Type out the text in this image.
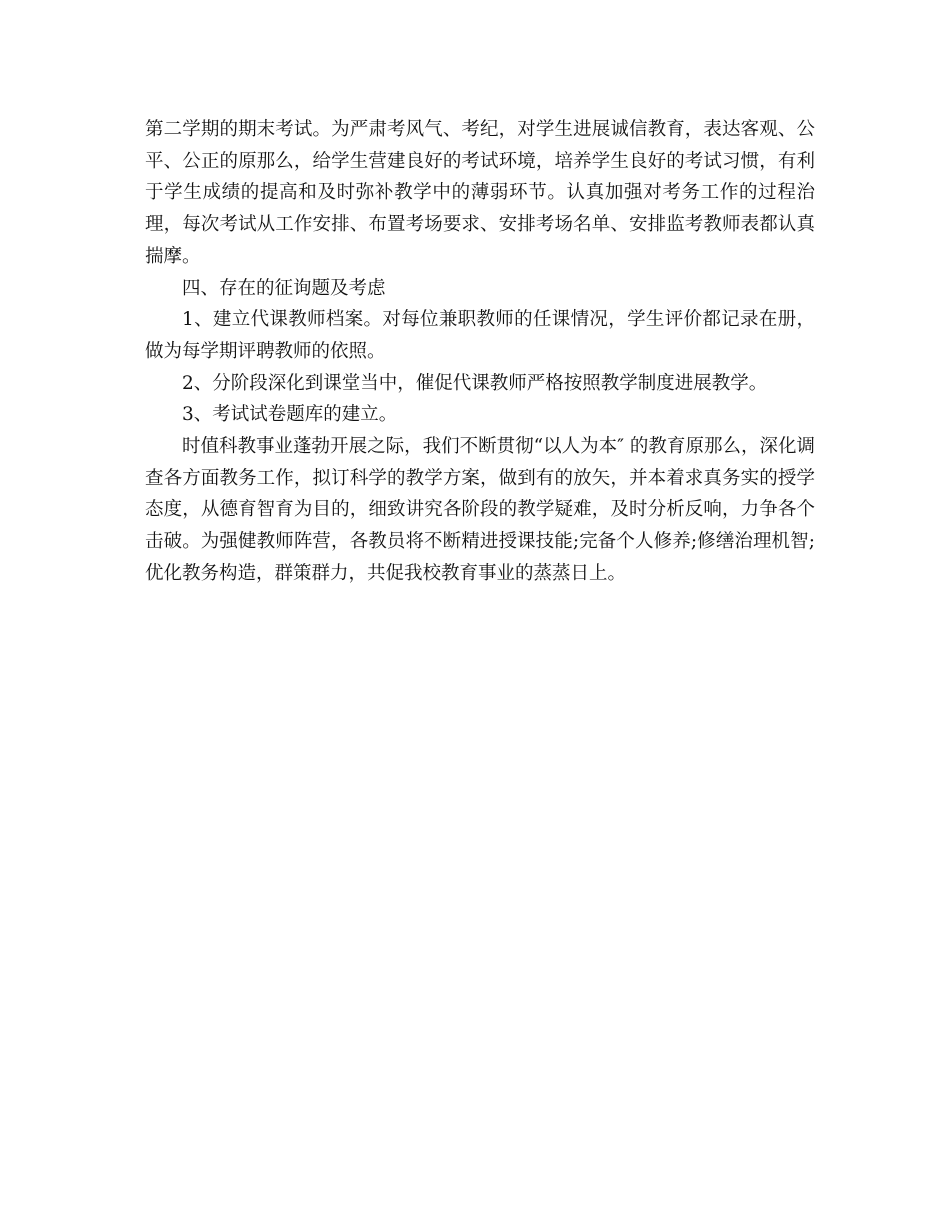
第二学期的期末考试。为严肃考风气、考纪，对学生进展诚信教育，表达客观、公平、公正的原那么，给学生营建良好的考试环境，培养学生良好的考试习惯，有利于学生成绩的提高和及时弥补教学中的薄弱环节。认真加强对考务工作的过程治理，每次考试从工作安排、布置考场要求、安排考场名单、安排监考教师表都认真揣摩。

四、存在的征询题及考虑

1、建立代课教师档案。对每位兼职教师的任课情况，学生评价都记录在册，做为每学期评聘教师的依照。

2、分阶段深化到课堂当中，催促代课教师严格按照教学制度进展教学。

3、考试试卷题库的建立。

时值科教事业蓬勃开展之际，我们不断贯彻“以人为本″ 的教育原那么，深化调查各方面教务工作，拟订科学的教学方案，做到有的放矢，并本着求真务实的授学态度，从德育智育为目的，细致讲究各阶段的教学疑难，及时分析反响，力争各个击破。为强健教师阵营，各教员将不断精进授课技能;完备个人修养;修缮治理机智;优化教务构造，群策群力，共促我校教育事业的蒸蒸日上。
